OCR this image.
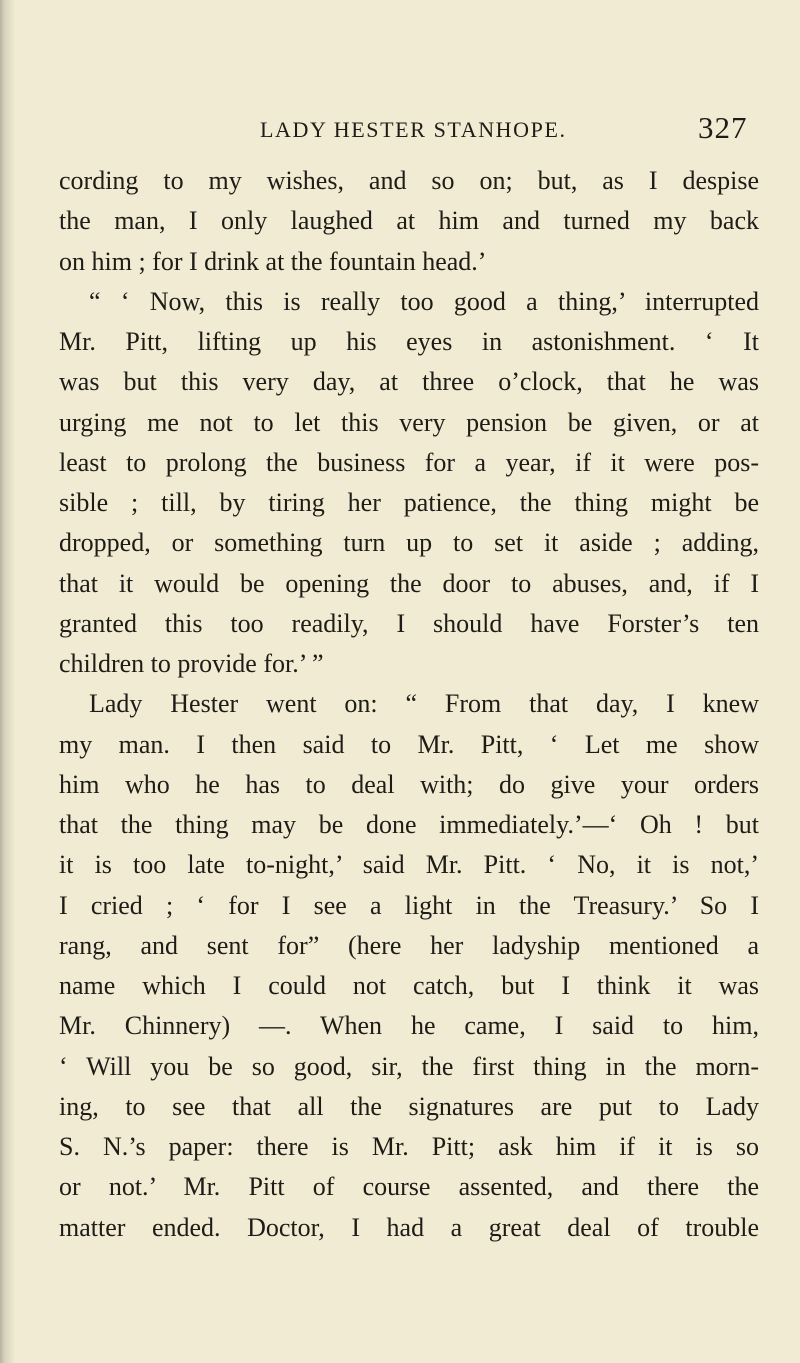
LADY HESTER STANHOPE.	327
cording to my wishes, and so on; but, as I despise
the man, I only laughed at him and turned my back
on him ; for I drink at the fountain head.’
“ ‘ Now, this is really too good a thing,’ interrupted
Mr. Pitt, lifting up his eyes in astonishment. ‘ It
was but this very day, at three o’clock, that he was
urging me not to let this very pension be given, or at
least to prolong the business for a year, if it were pos-
sible ; till, by tiring her patience, the thing might be
dropped, or something turn up to set it aside ; adding,
that it would be opening the door to abuses, and, if I
granted this too readily, I should have Forster’s ten
children to provide for.’ ”
Lady Hester went on: “ From that day, I knew
my man. I then said to Mr. Pitt, ‘ Let me show
him who he has to deal with; do give your orders
that the thing may be done immediately.’—‘ Oh ! but
it is too late to-night,’ said Mr. Pitt. ‘ No, it is not,’
I cried ; ‘ for I see a light in the Treasury.’ So I
rang, and sent for” (here her ladyship mentioned a
name which I could not catch, but I think it was
Mr. Chinnery) —. When he came, I said to him,
‘ Will you be so good, sir, the first thing in the morn-
ing, to see that all the signatures are put to Lady
S. N.’s paper: there is Mr. Pitt; ask him if it is so
or not.’ Mr. Pitt of course assented, and there the
matter ended. Doctor, I had a great deal of trouble
